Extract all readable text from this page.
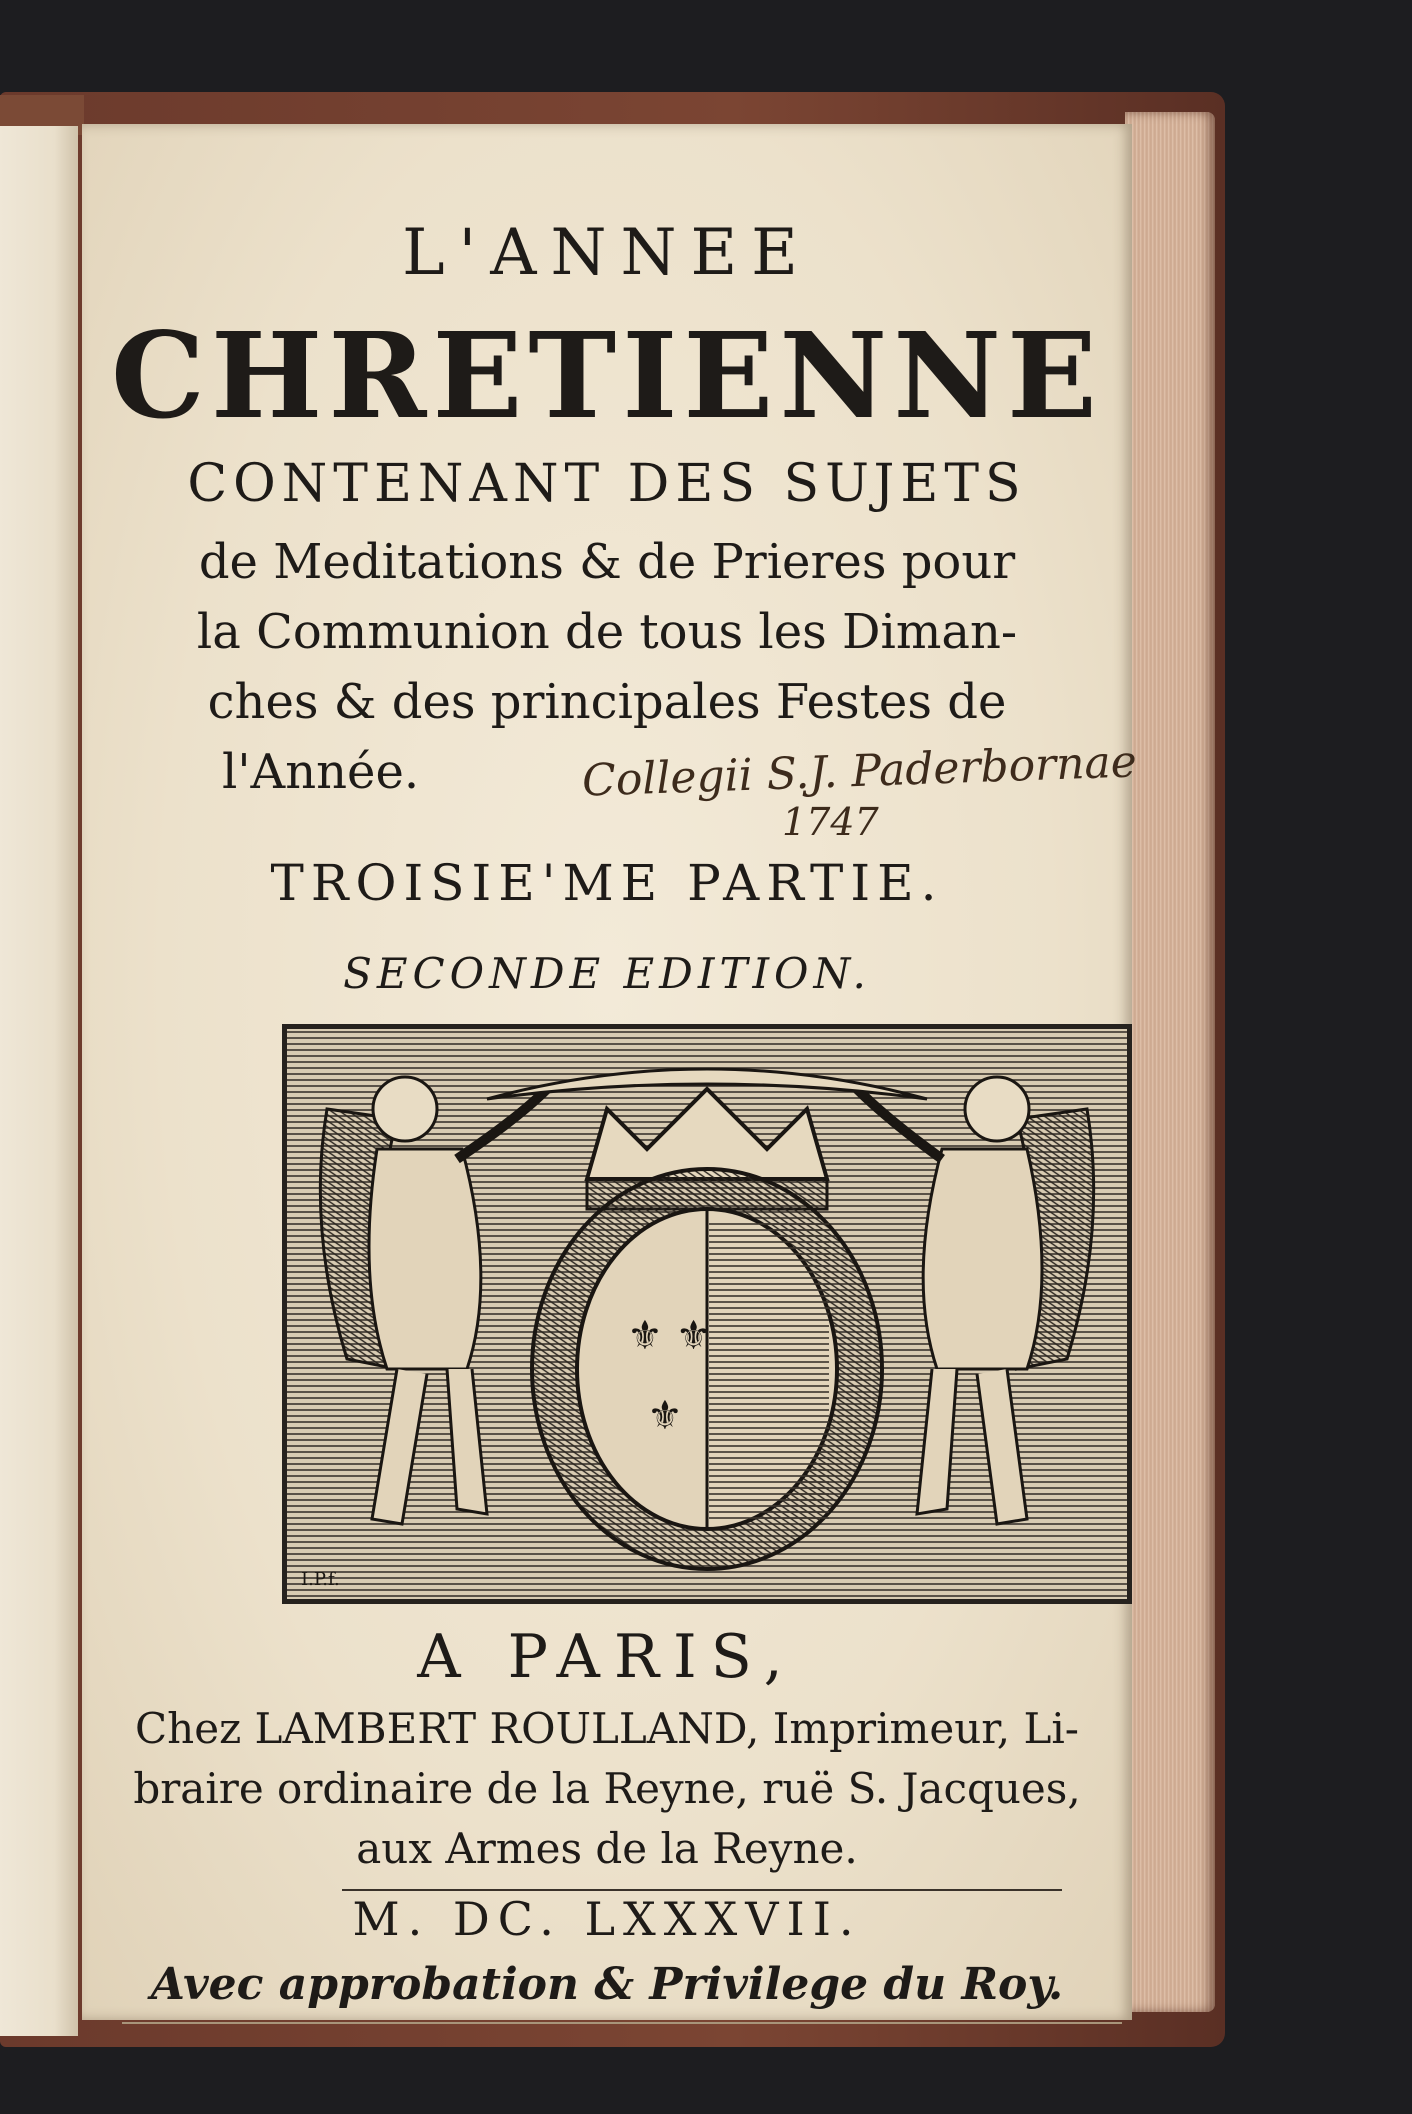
L'ANNEE
CHRETIENNE
CONTENANT DES SUJETS
de Meditations & de Prieres pour
la Communion de tous les Diman-
ches & des principales Festes de
l'Année.	Collegii S.J. Paderbornae
1747
TROISIE'ME PARTIE.
SECONDE EDITION.
⚜ ⚜
⚜
I.P.f.
A PARIS,
Chez LAMBERT ROULLAND, Imprimeur, Li-
braire ordinaire de la Reyne, ruë S. Jacques,
aux Armes de la Reyne.
M. DC. LXXXVII.
Avec approbation & Privilege du Roy.
